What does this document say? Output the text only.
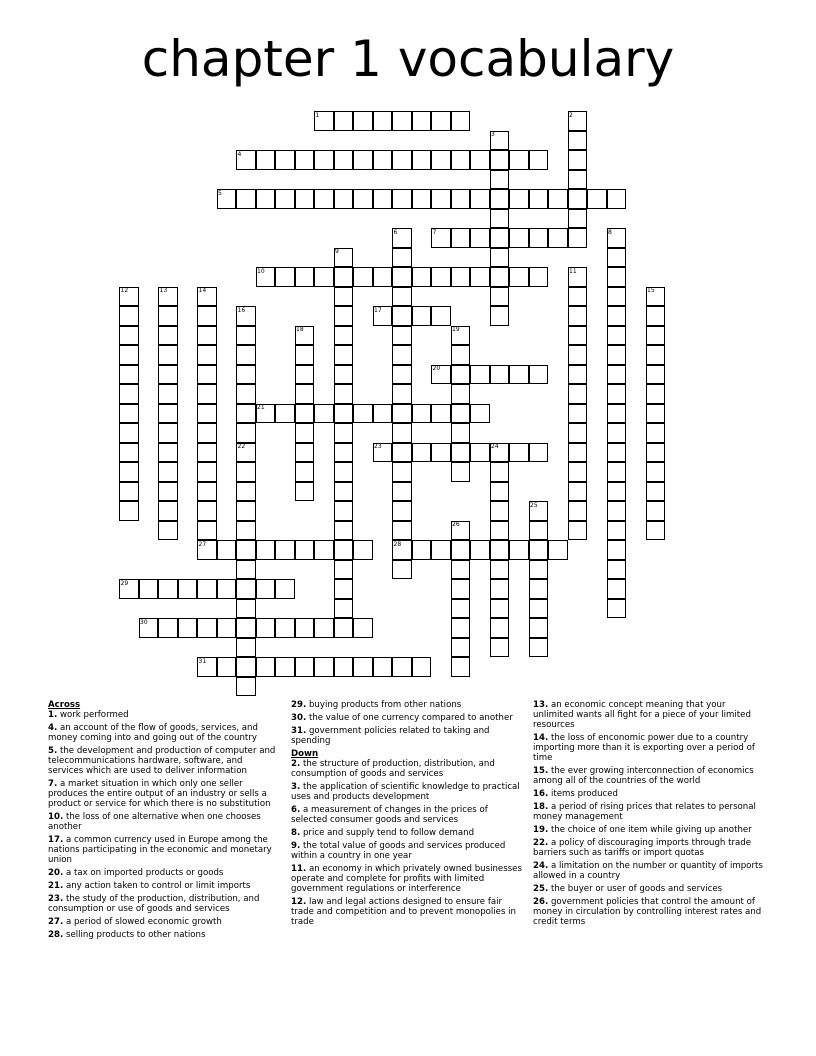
chapter 1 vocabulary
1
4
5
7
10
17
20
21
23
27	28
29
30
31
2
3
6	8
9
11
12	13	14	15
16
18	19
22	24
25
26

Across

1. work performed

4. an account of the flow of goods, services, and money coming into and going out of the country

5. the development and production of computer and telecommunications hardware, software, and services which are used to deliver information

7. a market situation in which only one seller produces the entire output of an industry or sells a product or service for which there is no substitution

10. the loss of one alternative when one chooses another

17. a common currency used in Europe among the nations participating in the economic and monetary union

20. a tax on imported products or goods

21. any action taken to control or limit imports

23. the study of the production, distribution, and consumption or use of goods and services

27. a period of slowed economic growth

28. selling products to other nations

29. buying products from other nations

30. the value of one currency compared to another

31. government policies related to taking and spending

Down

2. the structure of production, distribution, and consumption of goods and services

3. the application of scientific knowledge to practical uses and products development

6. a measurement of changes in the prices of selected consumer goods and services

8. price and supply tend to follow demand

9. the total value of goods and services produced within a country in one year

11. an economy in which privately owned businesses operate and complete for profits with limited government regulations or interference

12. law and legal actions designed to ensure fair trade and competition and to prevent monopolies in trade

13. an economic concept meaning that your unlimited wants all fight for a piece of your limited resources

14. the loss of enconomic power due to a country importing more than it is exporting over a period of time

15. the ever growing interconnection of economics among all of the countries of the world

16. items produced

18. a period of rising prices that relates to personal money management

19. the choice of one item while giving up another

22. a policy of discouraging imports through trade barriers such as tariffs or import quotas

24. a limitation on the number or quantity of imports allowed in a country

25. the buyer or user of goods and services

26. government policies that control the amount of money in circulation by controlling interest rates and credit terms
